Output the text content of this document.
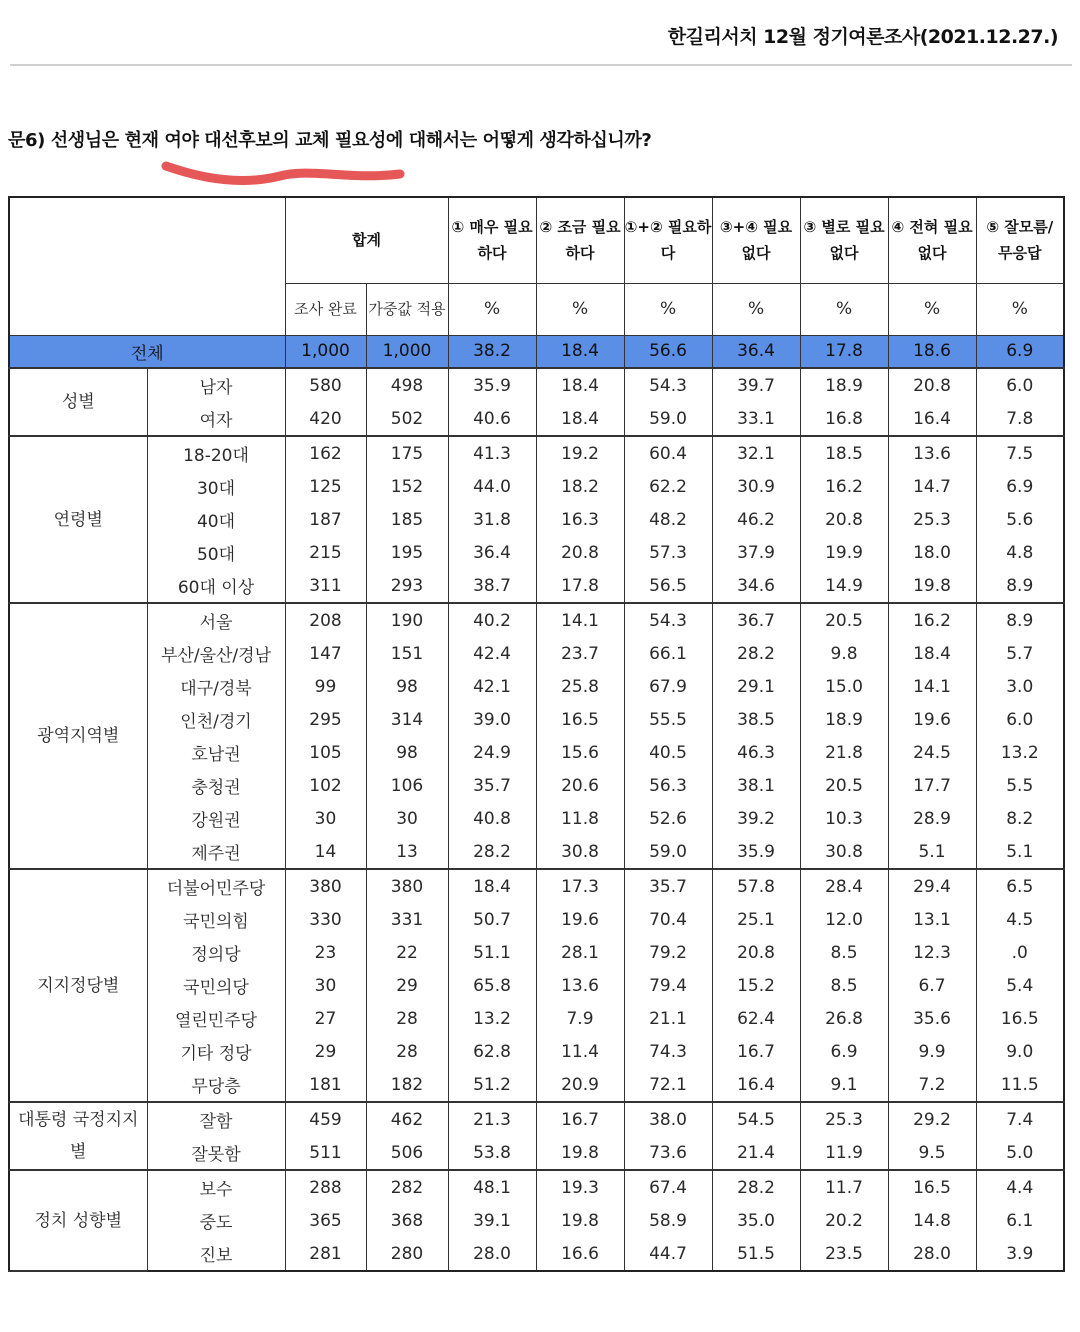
한길리서치 12월 정기여론조사(2021.12.27.)
문6) 선생님은 현재 여야 대선후보의 교체 필요성에 대해서는 어떻게 생각하십니까?
		합계		① 매우 필요하다	② 조금 필요하다	①+② 필요하다	③+④ 필요 없다	③ 별로 필요 없다	④ 전혀 필요 없다	⑤ 잘모름/ 무응답
		조사 완료	가중값 적용	%	%	%	%	%	%	%
전체		1,000	1,000	38.2	18.4	56.6	36.4	17.8	18.6	6.9
성별	남자	580	498	35.9	18.4	54.3	39.7	18.9	20.8	6.0
	여자	420	502	40.6	18.4	59.0	33.1	16.8	16.4	7.8
연령별	18-20대	162	175	41.3	19.2	60.4	32.1	18.5	13.6	7.5
	30대	125	152	44.0	18.2	62.2	30.9	16.2	14.7	6.9
	40대	187	185	31.8	16.3	48.2	46.2	20.8	25.3	5.6
	50대	215	195	36.4	20.8	57.3	37.9	19.9	18.0	4.8
	60대 이상	311	293	38.7	17.8	56.5	34.6	14.9	19.8	8.9
광역지역별	서울	208	190	40.2	14.1	54.3	36.7	20.5	16.2	8.9
	부산/울산/경남	147	151	42.4	23.7	66.1	28.2	9.8	18.4	5.7
	대구/경북	99	98	42.1	25.8	67.9	29.1	15.0	14.1	3.0
	인천/경기	295	314	39.0	16.5	55.5	38.5	18.9	19.6	6.0
	호남권	105	98	24.9	15.6	40.5	46.3	21.8	24.5	13.2
	충청권	102	106	35.7	20.6	56.3	38.1	20.5	17.7	5.5
	강원권	30	30	40.8	11.8	52.6	39.2	10.3	28.9	8.2
	제주권	14	13	28.2	30.8	59.0	35.9	30.8	5.1	5.1
지지정당별	더불어민주당	380	380	18.4	17.3	35.7	57.8	28.4	29.4	6.5
	국민의힘	330	331	50.7	19.6	70.4	25.1	12.0	13.1	4.5
	정의당	23	22	51.1	28.1	79.2	20.8	8.5	12.3	.0
	국민의당	30	29	65.8	13.6	79.4	15.2	8.5	6.7	5.4
	열린민주당	27	28	13.2	7.9	21.1	62.4	26.8	35.6	16.5
	기타 정당	29	28	62.8	11.4	74.3	16.7	6.9	9.9	9.0
	무당층	181	182	51.2	20.9	72.1	16.4	9.1	7.2	11.5
대통령 국정지지별	잘함	459	462	21.3	16.7	38.0	54.5	25.3	29.2	7.4
	잘못함	511	506	53.8	19.8	73.6	21.4	11.9	9.5	5.0
정치 성향별	보수	288	282	48.1	19.3	67.4	28.2	11.7	16.5	4.4
	중도	365	368	39.1	19.8	58.9	35.0	20.2	14.8	6.1
	진보	281	280	28.0	16.6	44.7	51.5	23.5	28.0	3.9
